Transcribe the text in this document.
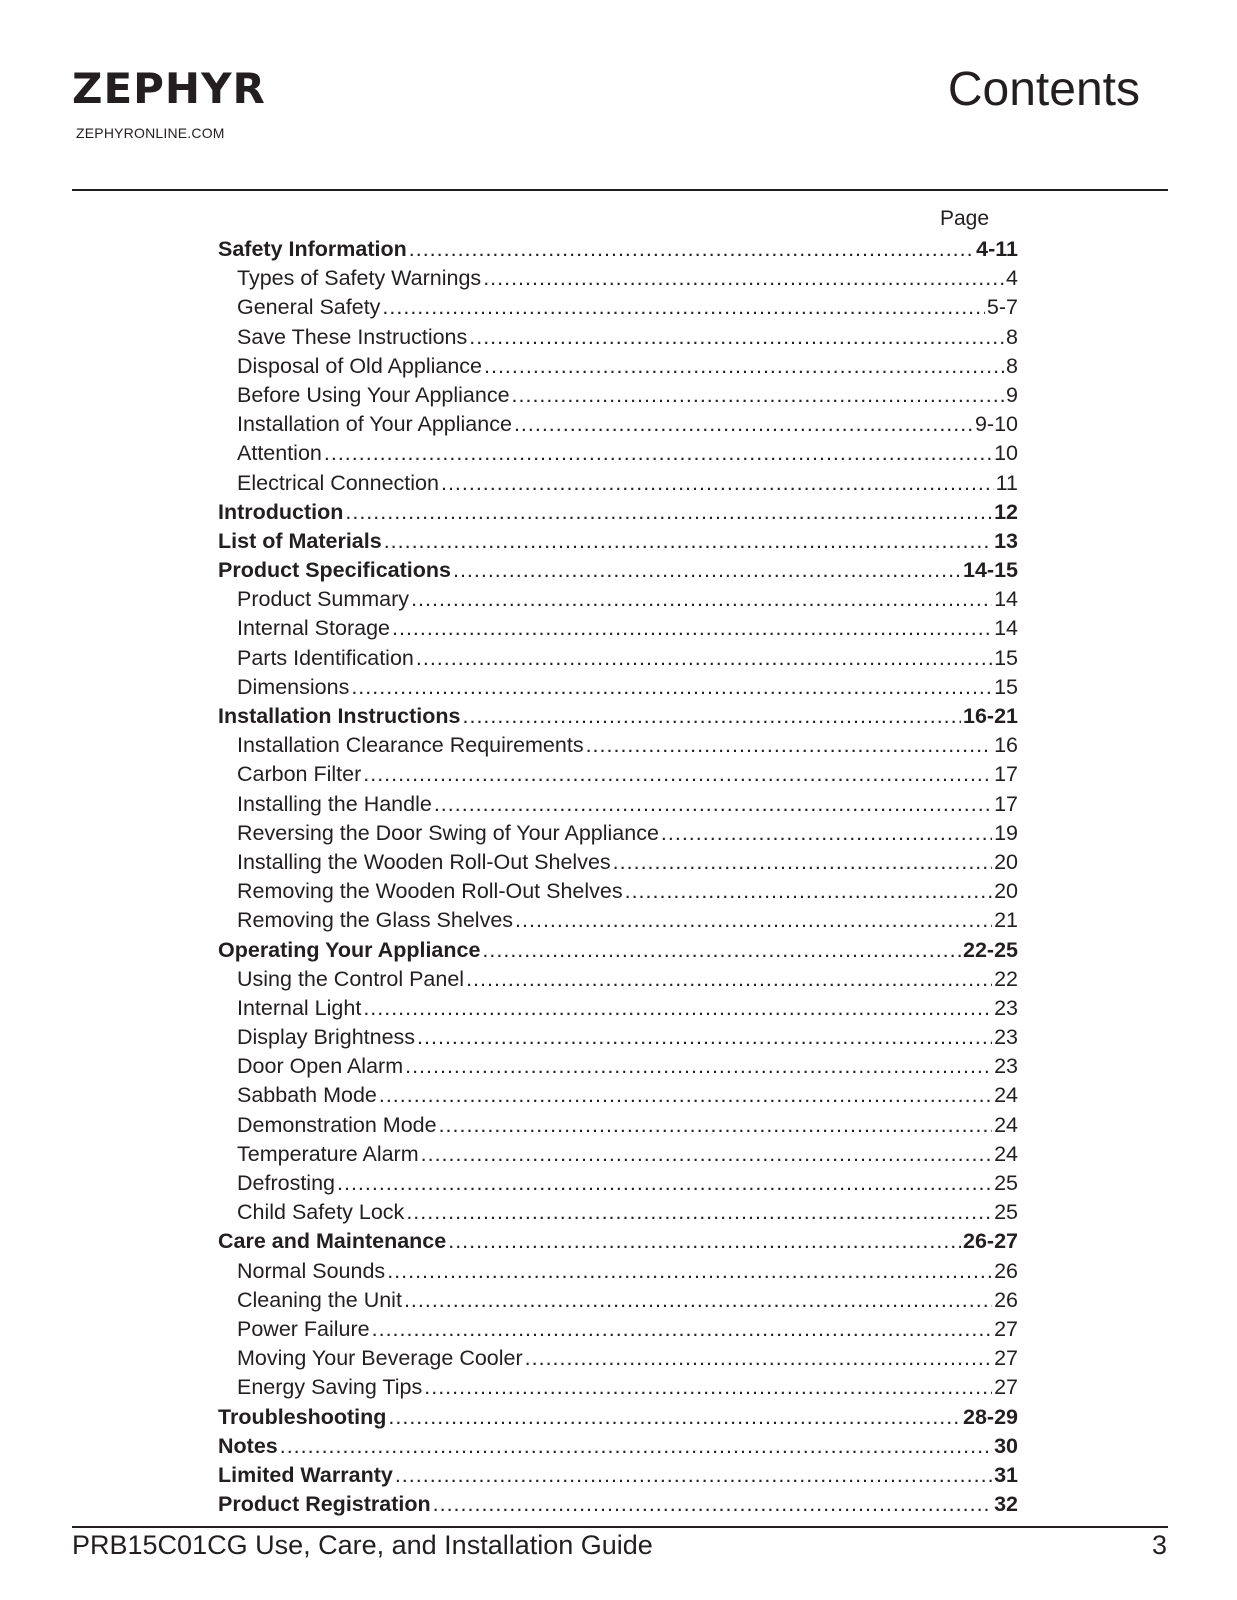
ZEPHYR
ZEPHYRONLINE.COM
Contents
Page
Safety Information .....	4-11
Types of Safety Warnings .....	4
General Safety .....	5-7
Save These Instructions .....	8
Disposal of Old Appliance .....	8
Before Using Your Appliance .....	9
Installation of Your Appliance .....	9-10
Attention .....	10
Electrical Connection .....	11
Introduction .....	12
List of Materials .....	13
Product Specifications .....	14-15
Product Summary .....	14
Internal Storage .....	14
Parts Identification .....	15
Dimensions .....	15
Installation Instructions .....	16-21
Installation Clearance Requirements .....	16
Carbon Filter .....	17
Installing the Handle .....	17
Reversing the Door Swing of Your Appliance .....	19
Installing the Wooden Roll-Out Shelves .....	20
Removing the Wooden Roll-Out Shelves .....	20
Removing the Glass Shelves .....	21
Operating Your Appliance .....	22-25
Using the Control Panel .....	22
Internal Light .....	23
Display Brightness .....	23
Door Open Alarm .....	23
Sabbath Mode .....	24
Demonstration Mode .....	24
Temperature Alarm .....	24
Defrosting .....	25
Child Safety Lock .....	25
Care and Maintenance .....	26-27
Normal Sounds .....	26
Cleaning the Unit .....	26
Power Failure .....	27
Moving Your Beverage Cooler .....	27
Energy Saving Tips .....	27
Troubleshooting .....	28-29
Notes .....	30
Limited Warranty .....	31
Product Registration .....	32
PRB15C01CG Use, Care, and Installation Guide	3
